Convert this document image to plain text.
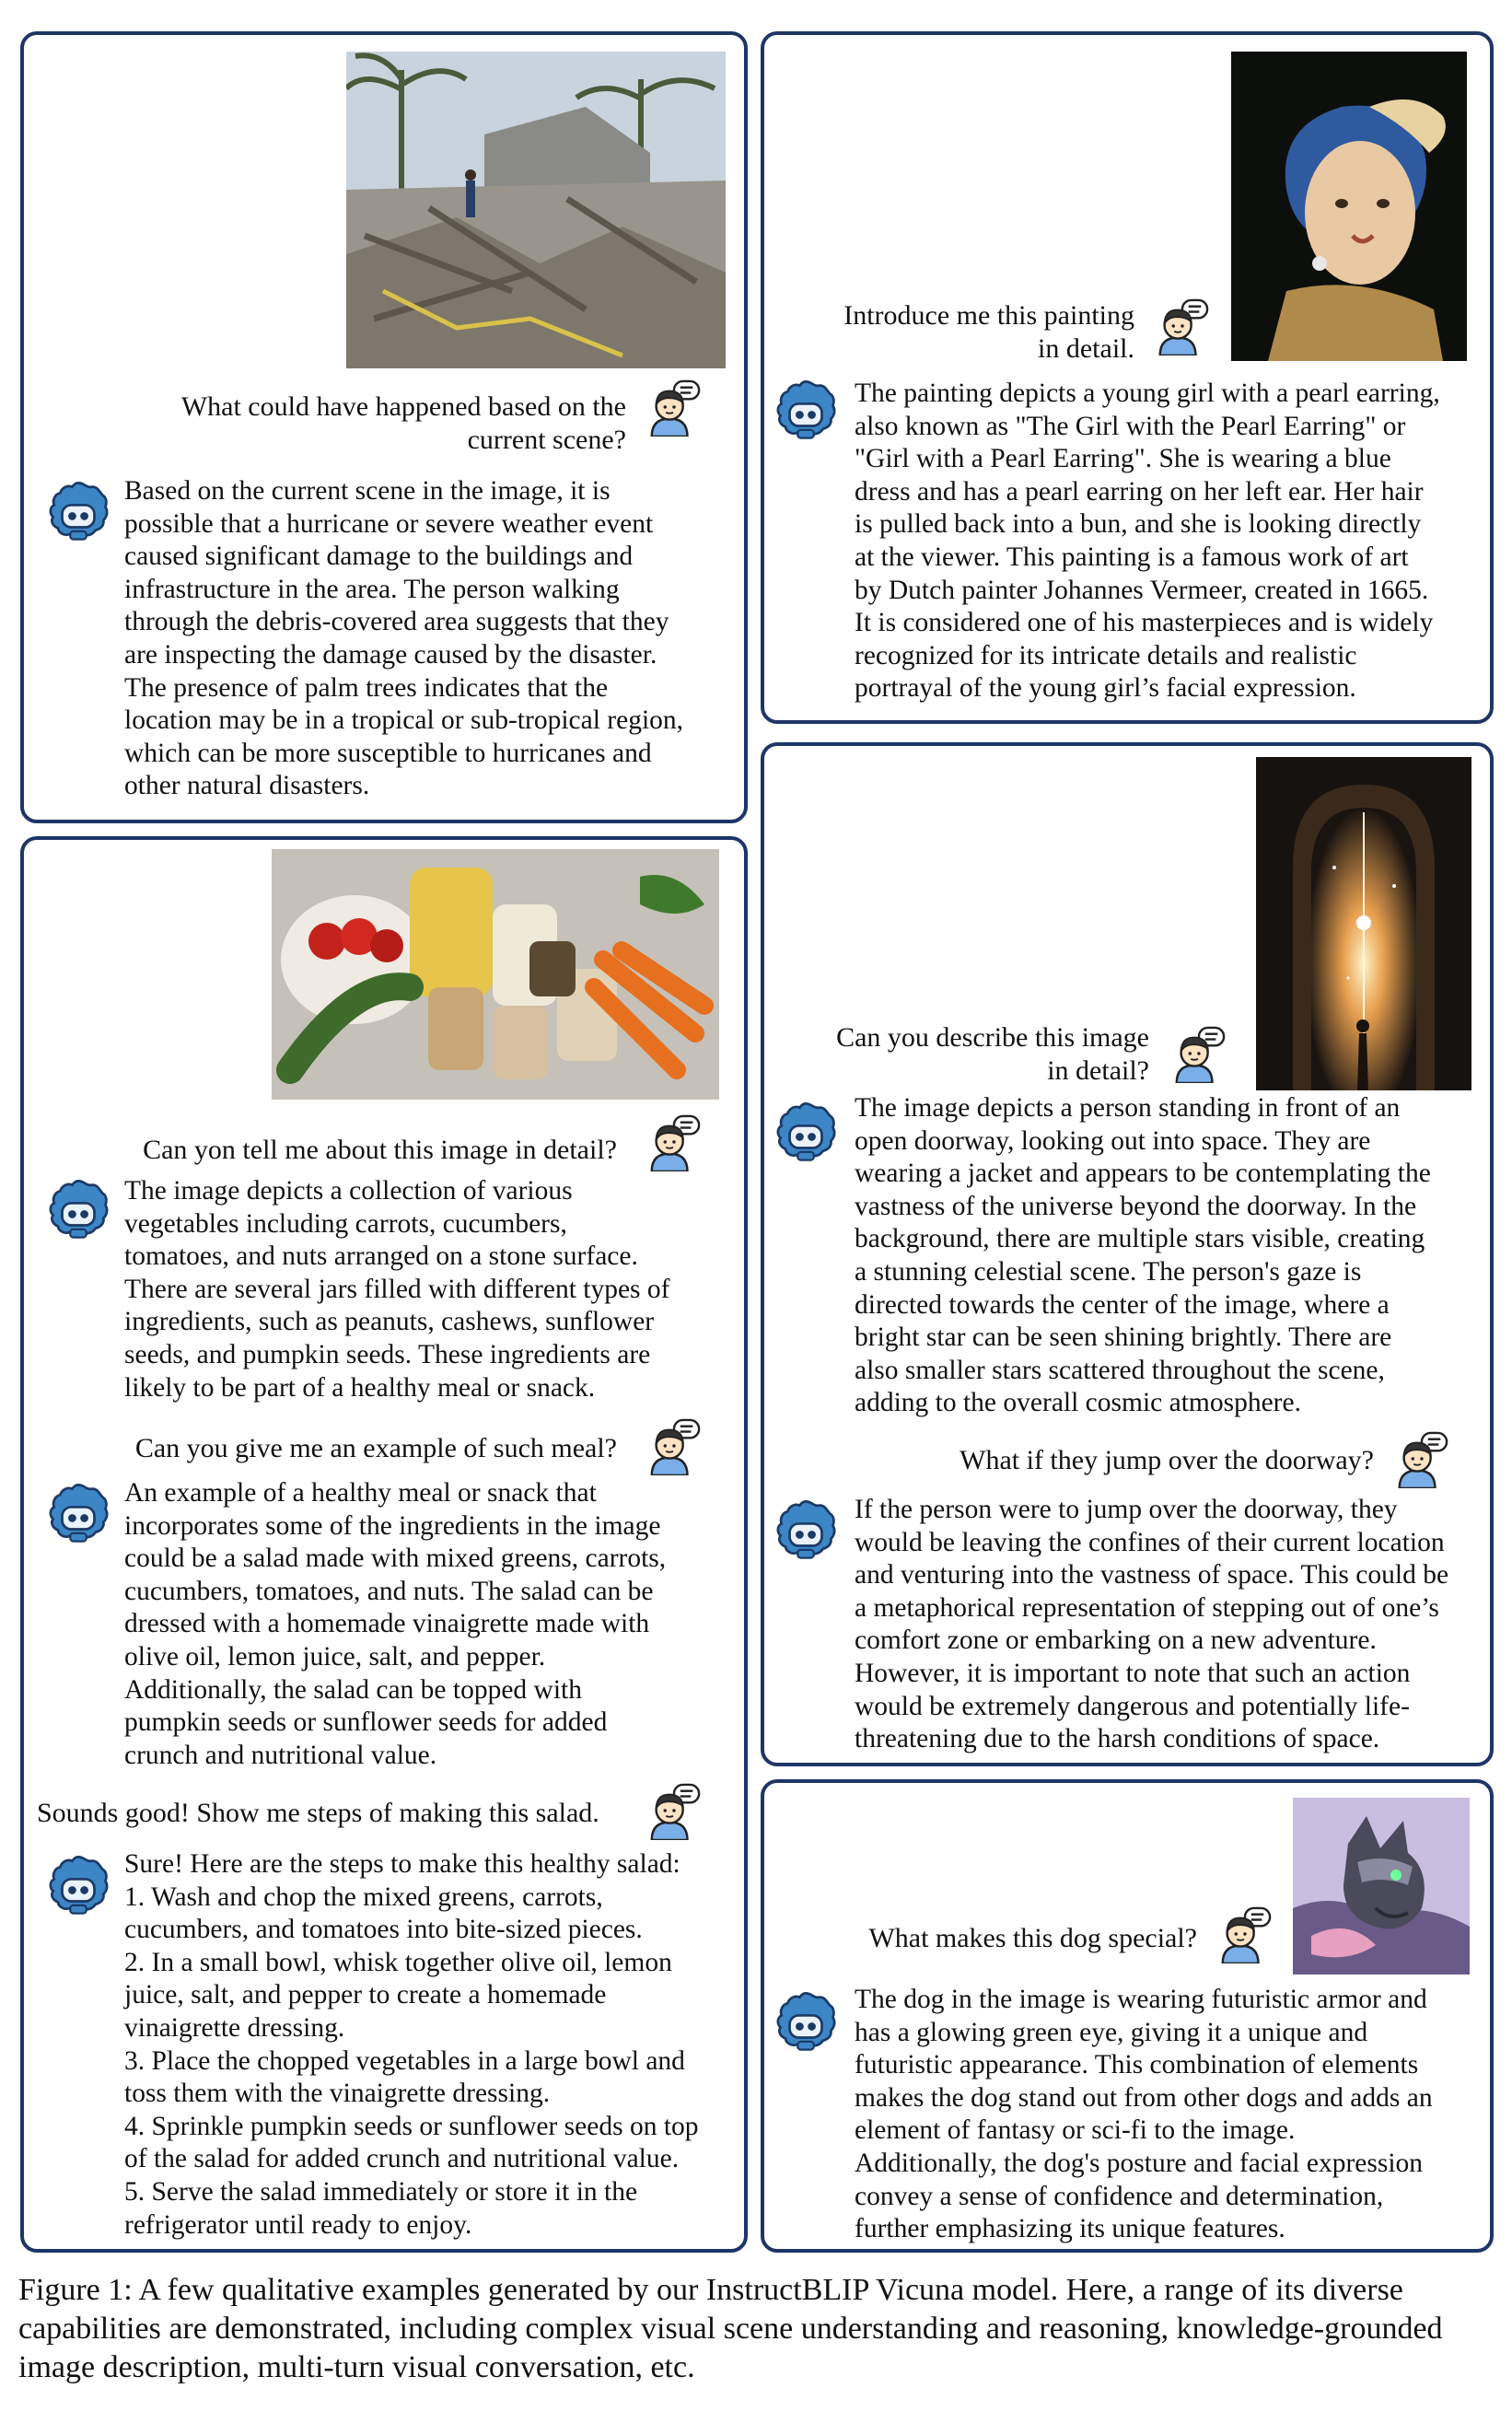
What could have happened based on the
current scene?
Based on the current scene in the image, it is
possible that a hurricane or severe weather event
caused significant damage to the buildings and
infrastructure in the area. The person walking
through the debris-covered area suggests that they
are inspecting the damage caused by the disaster.
The presence of palm trees indicates that the
location may be in a tropical or sub-tropical region,
which can be more susceptible to hurricanes and
other natural disasters.
Introduce me this painting
in detail.
The painting depicts a young girl with a pearl earring,
also known as "The Girl with the Pearl Earring" or
"Girl with a Pearl Earring". She is wearing a blue
dress and has a pearl earring on her left ear. Her hair
is pulled back into a bun, and she is looking directly
at the viewer. This painting is a famous work of art
by Dutch painter Johannes Vermeer, created in 1665.
It is considered one of his masterpieces and is widely
recognized for its intricate details and realistic
portrayal of the young girl’s facial expression.
Can yon tell me about this image in detail?
The image depicts a collection of various
vegetables including carrots, cucumbers,
tomatoes, and nuts arranged on a stone surface.
There are several jars filled with different types of
ingredients, such as peanuts, cashews, sunflower
seeds, and pumpkin seeds. These ingredients are
likely to be part of a healthy meal or snack.
Can you give me an example of such meal?
An example of a healthy meal or snack that
incorporates some of the ingredients in the image
could be a salad made with mixed greens, carrots,
cucumbers, tomatoes, and nuts. The salad can be
dressed with a homemade vinaigrette made with
olive oil, lemon juice, salt, and pepper.
Additionally, the salad can be topped with
pumpkin seeds or sunflower seeds for added
crunch and nutritional value.
Sounds good! Show me steps of making this salad.
Sure! Here are the steps to make this healthy salad:
1. Wash and chop the mixed greens, carrots,
cucumbers, and tomatoes into bite-sized pieces.
2. In a small bowl, whisk together olive oil, lemon
juice, salt, and pepper to create a homemade
vinaigrette dressing.
3. Place the chopped vegetables in a large bowl and
toss them with the vinaigrette dressing.
4. Sprinkle pumpkin seeds or sunflower seeds on top
of the salad for added crunch and nutritional value.
5. Serve the salad immediately or store it in the
refrigerator until ready to enjoy.
Can you describe this image
in detail?
The image depicts a person standing in front of an
open doorway, looking out into space. They are
wearing a jacket and appears to be contemplating the
vastness of the universe beyond the doorway. In the
background, there are multiple stars visible, creating
a stunning celestial scene. The person's gaze is
directed towards the center of the image, where a
bright star can be seen shining brightly. There are
also smaller stars scattered throughout the scene,
adding to the overall cosmic atmosphere.
What if they jump over the doorway?
If the person were to jump over the doorway, they
would be leaving the confines of their current location
and venturing into the vastness of space. This could be
a metaphorical representation of stepping out of one’s
comfort zone or embarking on a new adventure.
However, it is important to note that such an action
would be extremely dangerous and potentially life-
threatening due to the harsh conditions of space.
What makes this dog special?
The dog in the image is wearing futuristic armor and
has a glowing green eye, giving it a unique and
futuristic appearance. This combination of elements
makes the dog stand out from other dogs and adds an
element of fantasy or sci-fi to the image.
Additionally, the dog's posture and facial expression
convey a sense of confidence and determination,
further emphasizing its unique features.
Figure 1: A few qualitative examples generated by our InstructBLIP Vicuna model. Here, a range of its diverse capabilities are demonstrated, including complex visual scene understanding and reasoning, knowledge-grounded image description, multi-turn visual conversation, etc.
